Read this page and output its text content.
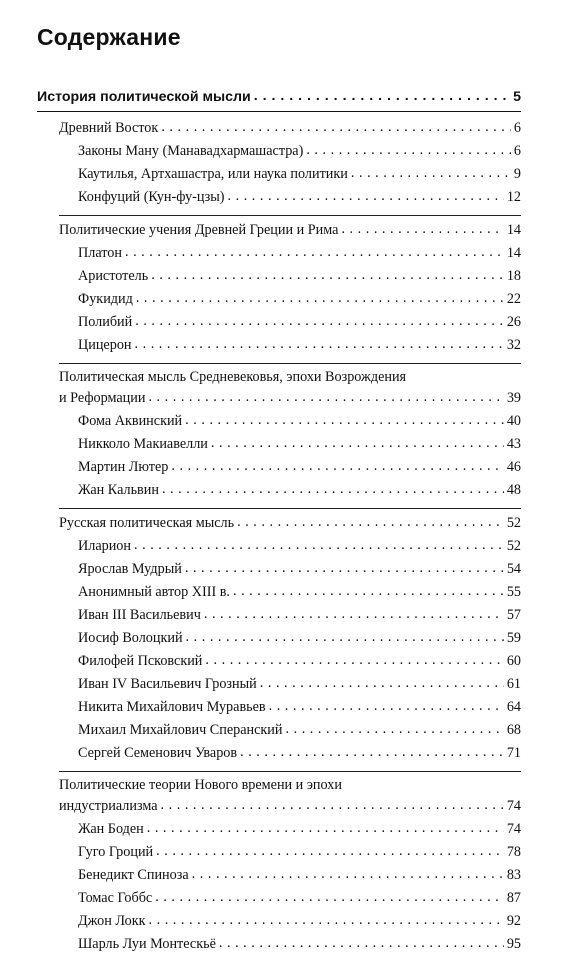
Содержание
История политической мысли . . .	5
Древний Восток . . .	6
Законы Ману (Манавадхармашастра) . . .	6
Каутилья, Артхашастра, или наука политики . . .	9
Конфуций (Кун-фу-цзы) . . .	12
Политические учения Древней Греции и Рима . . .	14
Платон . . .	14
Аристотель . . .	18
Фукидид . . .	22
Полибий . . .	26
Цицерон . . .	32
Политическая мысль Средневековья, эпохи Возрождения
и Реформации . . .	39
Фома Аквинский . . .	40
Никколо Макиавелли . . .	43
Мартин Лютер . . .	46
Жан Кальвин . . .	48
Русская политическая мысль . . .	52
Иларион . . .	52
Ярослав Мудрый . . .	54
Анонимный автор XIII в. . . .	55
Иван III Васильевич . . .	57
Иосиф Волоцкий . . .	59
Филофей Псковский . . .	60
Иван IV Васильевич Грозный . . .	61
Никита Михайлович Муравьев . . .	64
Михаил Михайлович Сперанский . . .	68
Сергей Семенович Уваров . . .	71
Политические теории Нового времени и эпохи
индустриализма . . .	74
Жан Боден . . .	74
Гуго Гроций . . .	78
Бенедикт Спиноза . . .	83
Томас Гоббс . . .	87
Джон Локк . . .	92
Шарль Луи Монтескьё . . .	95
